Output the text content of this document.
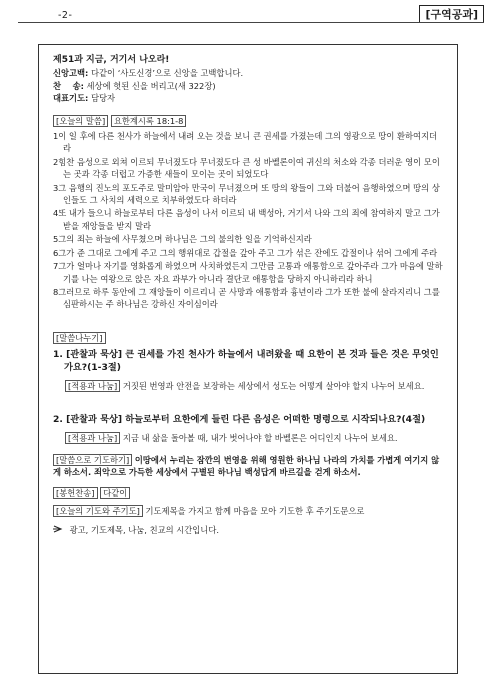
-2-	[구역공과]

제51과 지금, 거기서 나오라!

신앙고백: 다같이 ‘사도신경’으로 신앙을 고백합니다.

찬    송: 세상에 헛된 신을 버리고(새 322장)

대표기도: 담당자

[오늘의 말씀] 요한계시록 18:1-8

1이 일 후에 다른 천사가 하늘에서 내려 오는 것을 보니 큰 권세를 가졌는데 그의 영광으로 땅이 환하여지더라

2힘찬 음성으로 외쳐 이르되 무너졌도다 무너졌도다 큰 성 바벨론이여 귀신의 처소와 각종 더러운 영이 모이는 곳과 각종 더럽고 가증한 새들이 모이는 곳이 되었도다

3그 음행의 진노의 포도주로 말미암아 만국이 무너졌으며 또 땅의 왕들이 그와 더불어 음행하였으며 땅의 상인들도 그 사치의 세력으로 치부하였도다 하더라

4또 내가 들으니 하늘로부터 다른 음성이 나서 이르되 내 백성아, 거기서 나와 그의 죄에 참여하지 말고 그가 받을 재앙들을 받지 말라

5그의 죄는 하늘에 사무쳤으며 하나님은 그의 불의한 일을 기억하신지라

6그가 준 그대로 그에게 주고 그의 행위대로 갑절을 갚아 주고 그가 섞은 잔에도 갑절이나 섞어 그에게 주라

7그가 얼마나 자기를 영화롭게 하였으며 사치하였든지 그만큼 고통과 애통함으로 갚아주라 그가 마음에 말하기를 나는 여왕으로 앉은 자요 과부가 아니라 결단코 애통함을 당하지 아니하리라 하니

8그러므로 하루 동안에 그 재앙들이 이르리니 곧 사망과 애통함과 흉년이라 그가 또한 불에 살라지리니 그를 심판하시는 주 하나님은 강하신 자이심이라

[말씀나누기]

1. [관찰과 묵상] 큰 권세를 가진 천사가 하늘에서 내려왔을 때 요한이 본 것과 들은 것은 무엇인가요?(1-3절)

[적용과 나눔] 거짓된 번영과 안전을 보장하는 세상에서 성도는 어떻게 살아야 할지 나누어 보세요.

2. [관찰과 묵상] 하늘로부터 요한에게 들린 다른 음성은 어떠한 명령으로 시작되나요?(4절)

[적용과 나눔] 지금 내 삶을 돌아볼 때, 내가 벗어나야 할 바벨론은 어디인지 나누어 보세요.

[말씀으로 기도하기] 이땅에서 누리는 잠깐의 번영을 위해 영원한 하나님 나라의 가치를 가볍게 여기지 않게 하소서. 죄악으로 가득한 세상에서 구별된 하나님 백성답게 바르길을 걷게 하소서.

[봉헌찬송] 다같이

[오늘의 기도와 주기도] 기도제목을 가지고 함께 마음을 모아 기도한 후 주기도문으로

광고, 기도제목, 나눔, 친교의 시간입니다.
